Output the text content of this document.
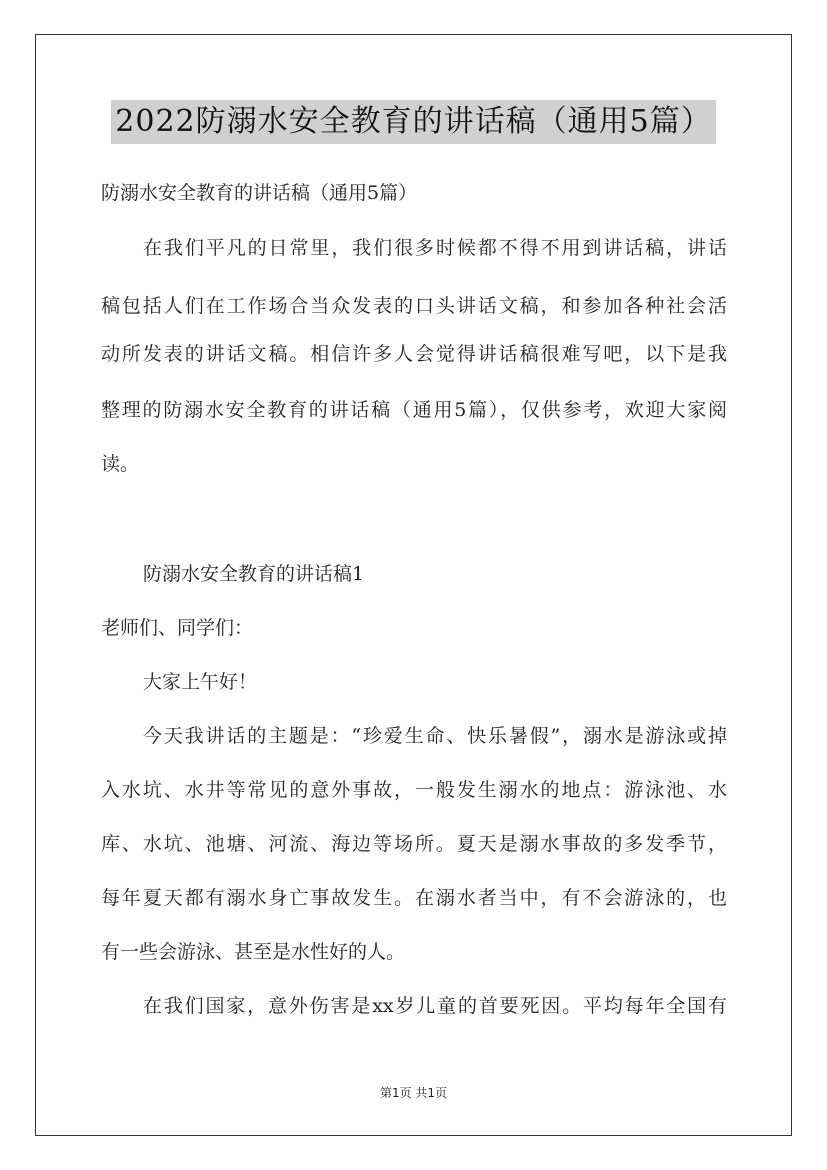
2022防溺水安全教育的讲话稿（通用5篇）
防溺水安全教育的讲话稿（通用5篇）
在我们平凡的日常里，我们很多时候都不得不用到讲话稿，讲话
稿包括人们在工作场合当众发表的口头讲话文稿，和参加各种社会活
动所发表的讲话文稿。相信许多人会觉得讲话稿很难写吧，以下是我
整理的防溺水安全教育的讲话稿（通用5篇），仅供参考，欢迎大家阅
读。
防溺水安全教育的讲话稿1
老师们、同学们：
大家上午好！
今天我讲话的主题是：“珍爱生命、快乐暑假”，溺水是游泳或掉
入水坑、水井等常见的意外事故，一般发生溺水的地点：游泳池、水
库、水坑、池塘、河流、海边等场所。夏天是溺水事故的多发季节，
每年夏天都有溺水身亡事故发生。在溺水者当中，有不会游泳的，也
有一些会游泳、甚至是水性好的人。
在我们国家，意外伤害是xx岁儿童的首要死因。平均每年全国有
第1页 共1页
